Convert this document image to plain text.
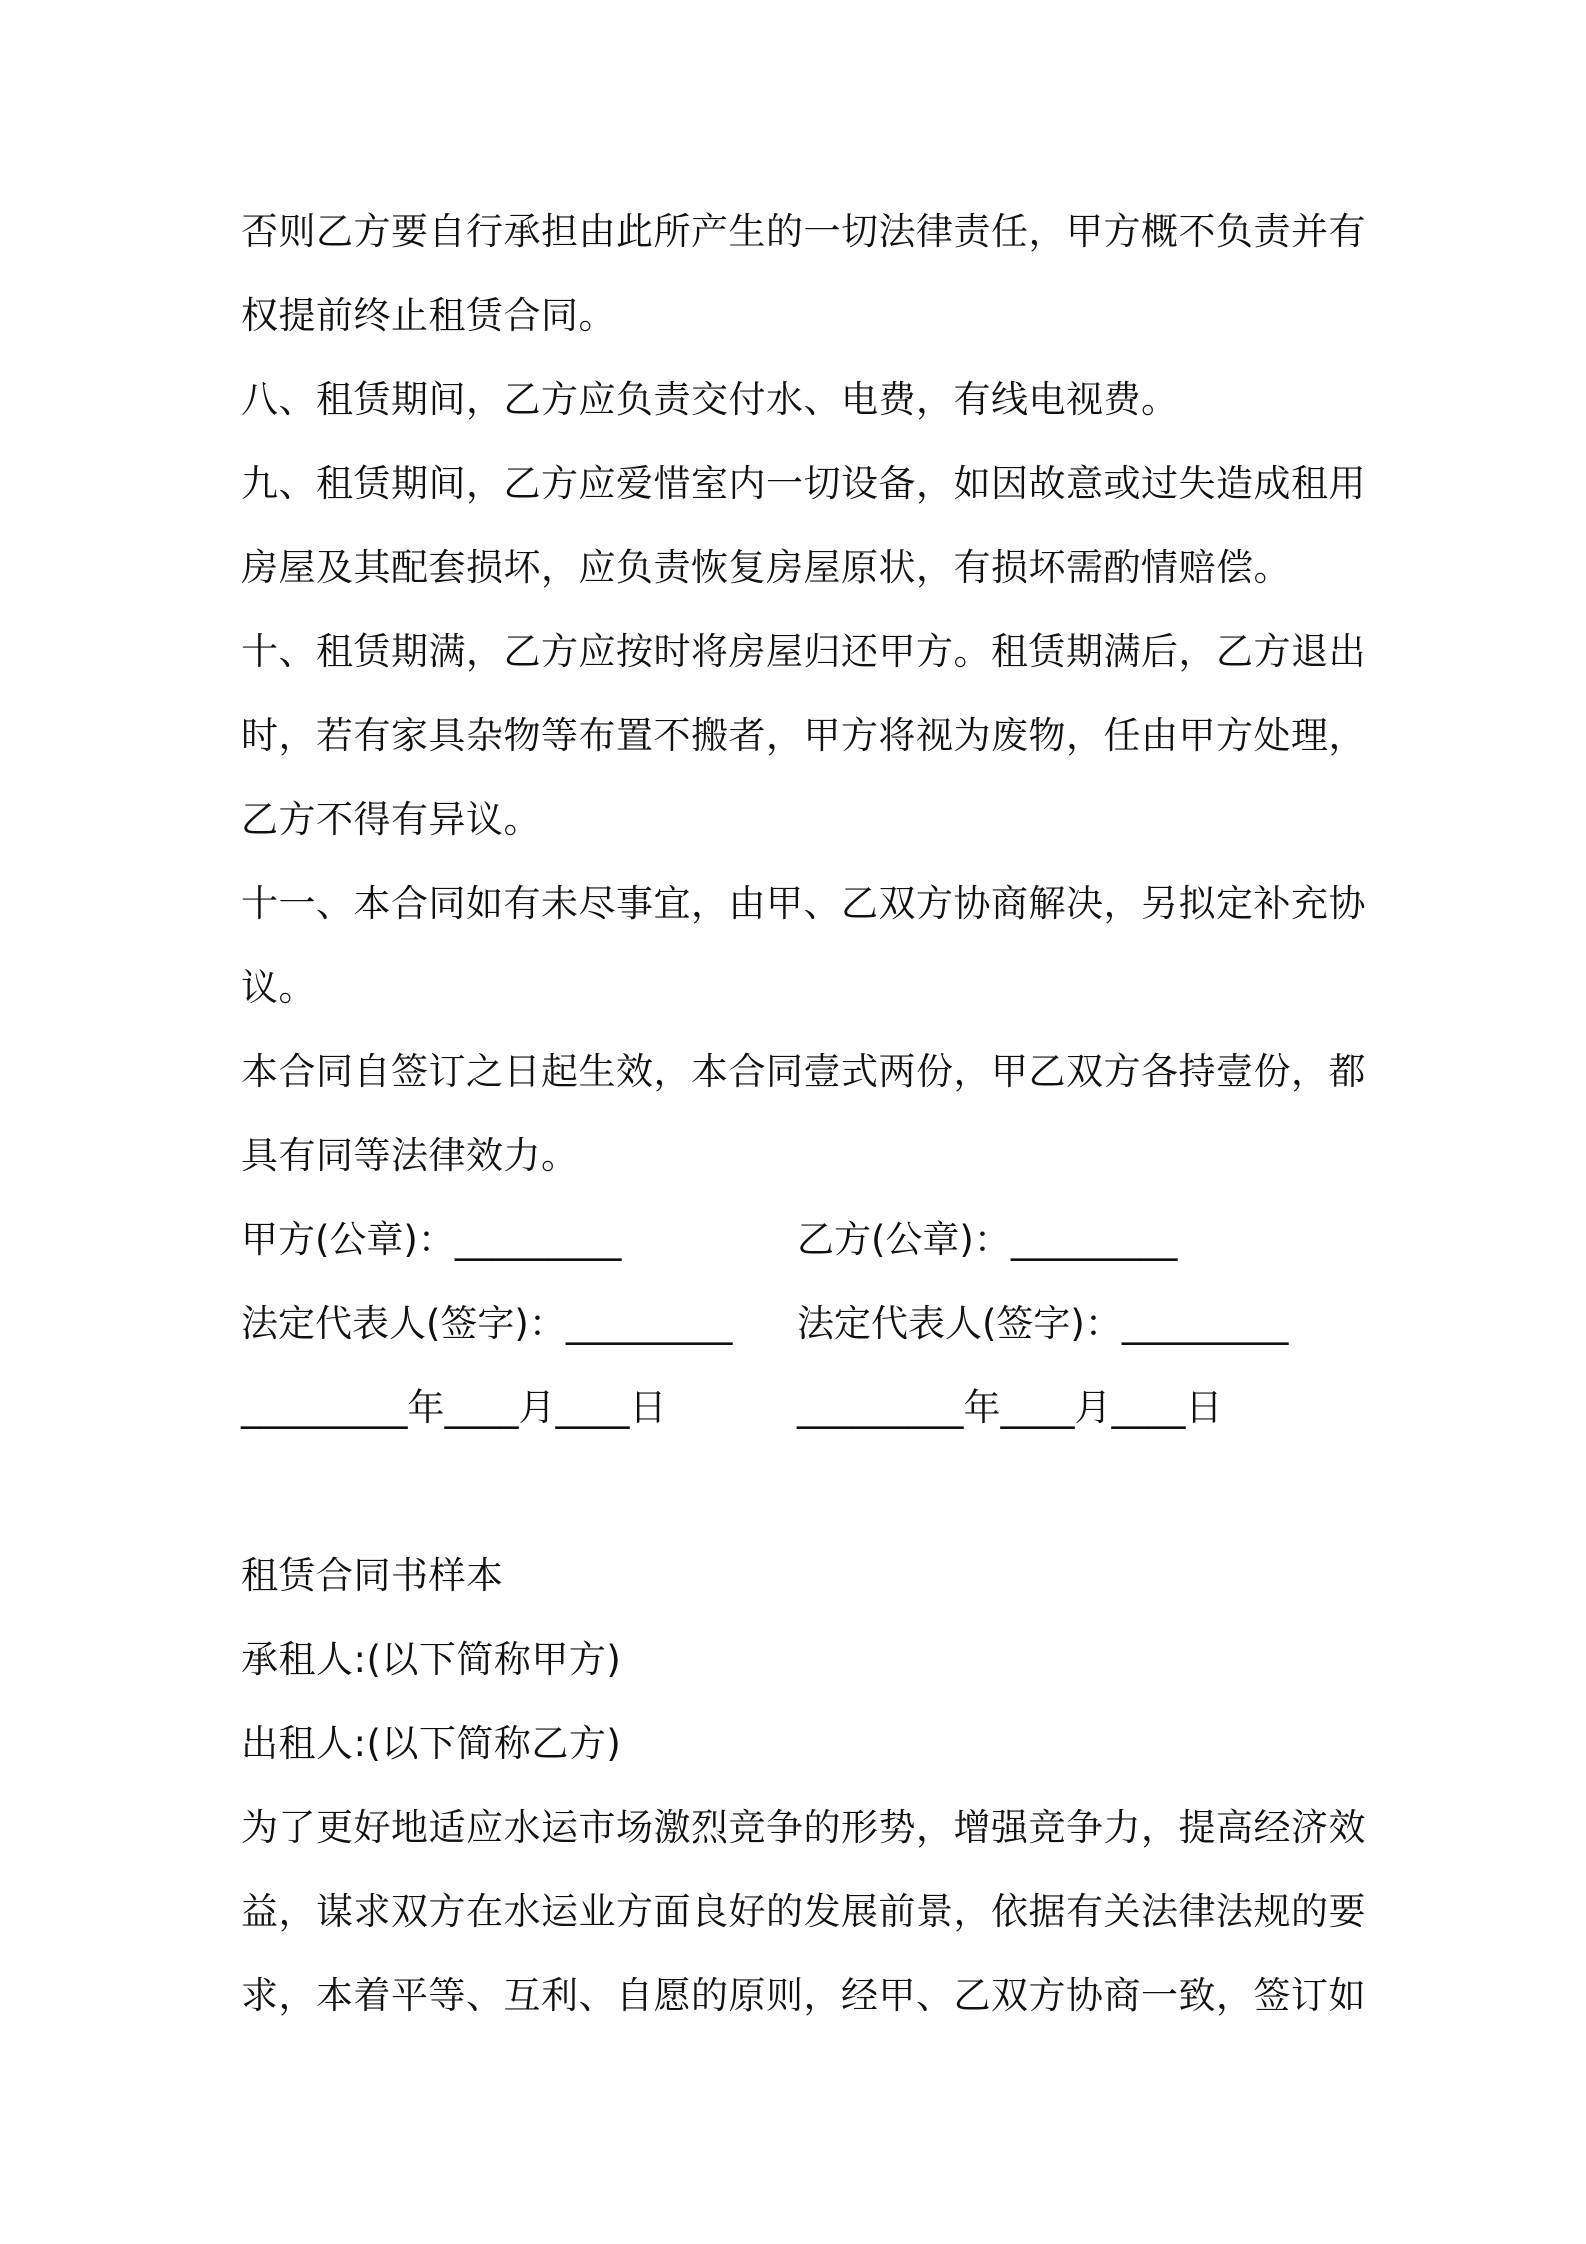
否则乙方要自行承担由此所产生的一切法律责任，甲方概不负责并有
权提前终止租赁合同。
八、租赁期间，乙方应负责交付水、电费，有线电视费。
九、租赁期间，乙方应爱惜室内一切设备，如因故意或过失造成租用
房屋及其配套损坏，应负责恢复房屋原状，有损坏需酌情赔偿。
十、租赁期满，乙方应按时将房屋归还甲方。租赁期满后，乙方退出
时，若有家具杂物等布置不搬者，甲方将视为废物，任由甲方处理，
乙方不得有异议。
十一、本合同如有未尽事宜，由甲、乙双方协商解决，另拟定补充协
议。
本合同自签订之日起生效，本合同壹式两份，甲乙双方各持壹份，都
具有同等法律效力。
甲方(公章)：_________	乙方(公章)：_________
法定代表人(签字)：_________	法定代表人(签字)：_________
_________年____月____日	_________年____月____日
租赁合同书样本
承租人:(以下简称甲方)
出租人:(以下简称乙方)
为了更好地适应水运市场激烈竞争的形势，增强竞争力，提高经济效
益，谋求双方在水运业方面良好的发展前景，依据有关法律法规的要
求，本着平等、互利、自愿的原则，经甲、乙双方协商一致，签订如
